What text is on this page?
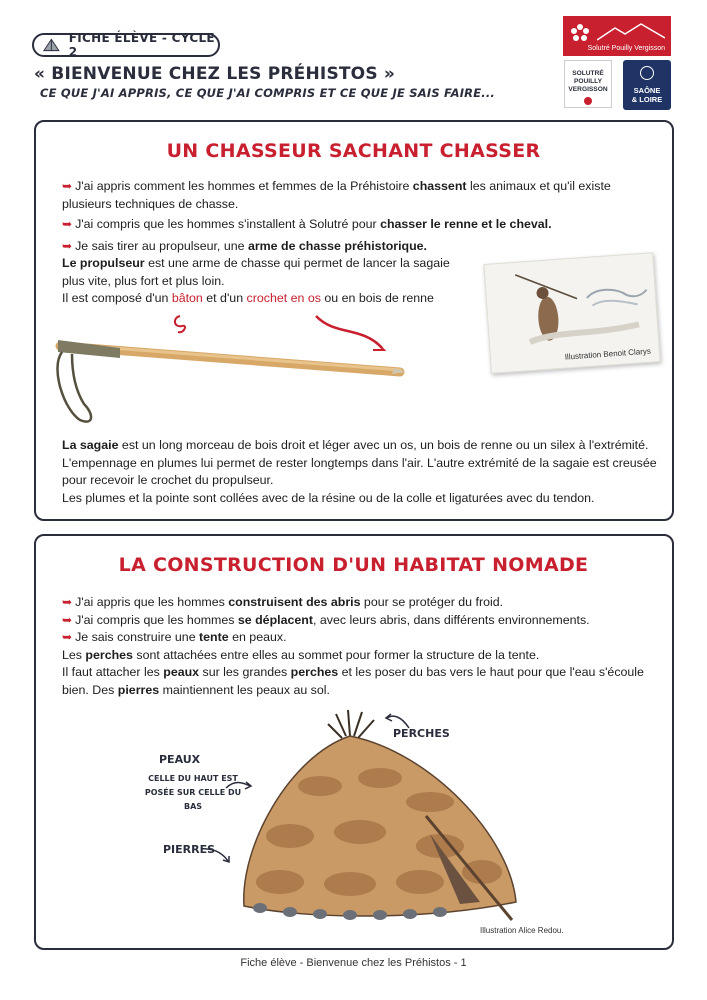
FICHE ÉLÈVE - CYCLE 2
« BIENVENUE CHEZ LES PRÉHISTOS »
CE QUE J'AI APPRIS, CE QUE J'AI COMPRIS ET CE QUE JE SAIS FAIRE...
Solutré Pouilly Vergisson
SOLUTRÉ
POUILLY
VERGISSON	SAÔNE
& LOIRE
UN CHASSEUR SACHANT CHASSER
➥ J'ai appris comment les hommes et femmes de la Préhistoire chassent les animaux et qu'il existe plusieurs techniques de chasse.
➥ J'ai compris que les hommes s'installent à Solutré pour chasser le renne et le cheval.
➥ Je sais tirer au propulseur, une arme de chasse préhistorique.
Le propulseur est une arme de chasse qui permet de lancer la sagaie
plus vite, plus fort et plus loin.
Il est composé d'un bâton et d'un crochet en os ou en bois de renne
Illustration Benoit Clarys
La sagaie est un long morceau de bois droit et léger avec un os, un bois de renne ou un silex à l'extrémité. L'empennage en plumes lui permet de rester longtemps dans l'air. L'autre extrémité de la sagaie est creusée pour recevoir le crochet du propulseur.
Les plumes et la pointe sont collées avec de la résine ou de la colle et ligaturées avec du tendon.
LA CONSTRUCTION D'UN HABITAT NOMADE
➥ J'ai appris que les hommes construisent des abris pour se protéger du froid.
➥ J'ai compris que les hommes se déplacent, avec leurs abris, dans différents environnements.
➥ Je sais construire une tente en peaux.
Les perches sont attachées entre elles au sommet pour former la structure de la tente.
Il faut attacher les peaux sur les grandes perches et les poser du bas vers le haut pour que l'eau s'écoule
bien. Des pierres maintiennent les peaux au sol.
PERCHES
PEAUX
CELLE DU HAUT EST
POSÉE SUR CELLE DU BAS
PIERRES
Illustration Alice Redou.
Fiche élève - Bienvenue chez les Préhistos - 1
